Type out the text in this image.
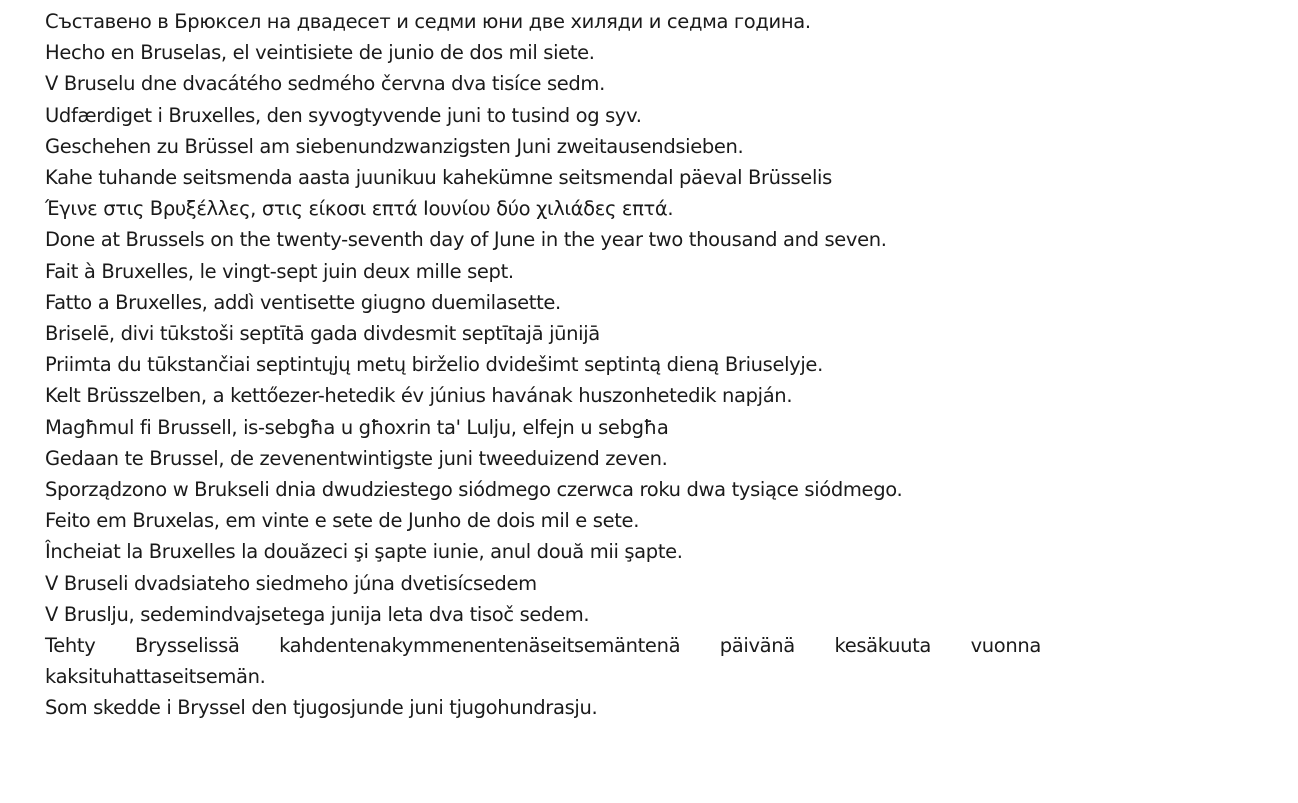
Съставено в Брюксел на двадесет и седми юни две хиляди и седма година.
Hecho en Bruselas, el veintisiete de junio de dos mil siete.
V Bruselu dne dvacátého sedmého června dva tisíce sedm.
Udfærdiget i Bruxelles, den syvogtyvende juni to tusind og syv.
Geschehen zu Brüssel am siebenundzwanzigsten Juni zweitausendsieben.
Kahe tuhande seitsmenda aasta juunikuu kahekümne seitsmendal päeval Brüsselis
Έγινε στις Βρυξέλλες, στις είκοσι επτά Ιουνίου δύο χιλιάδες επτά.
Done at Brussels on the twenty-seventh day of June in the year two thousand and seven.
Fait à Bruxelles, le vingt-sept juin deux mille sept.
Fatto a Bruxelles, addì ventisette giugno duemilasette.
Briselē, divi tūkstoši septītā gada divdesmit septītajā jūnijā
Priimta du tūkstančiai septintųjų metų birželio dvidešimt septintą dieną Briuselyje.
Kelt Brüsszelben, a kettőezer-hetedik év június havának huszonhetedik napján.
Magħmul fi Brussell, is-sebgħa u għoxrin ta' Lulju, elfejn u sebgħa
Gedaan te Brussel, de zevenentwintigste juni tweeduizend zeven.
Sporządzono w Brukseli dnia dwudziestego siódmego czerwca roku dwa tysiące siódmego.
Feito em Bruxelas, em vinte e sete de Junho de dois mil e sete.
Încheiat la Bruxelles la douăzeci şi şapte iunie, anul două mii şapte.
V Bruseli dvadsiateho siedmeho júna dvetisícsedem
V Bruslju, sedemindvajsetega junija leta dva tisoč sedem.
Tehty Brysselissä kahdentenakymmenentenäseitsemäntenä päivänä kesäkuuta vuonna kaksituhattaseitsemän.
Som skedde i Bryssel den tjugosjunde juni tjugohundrasju.
